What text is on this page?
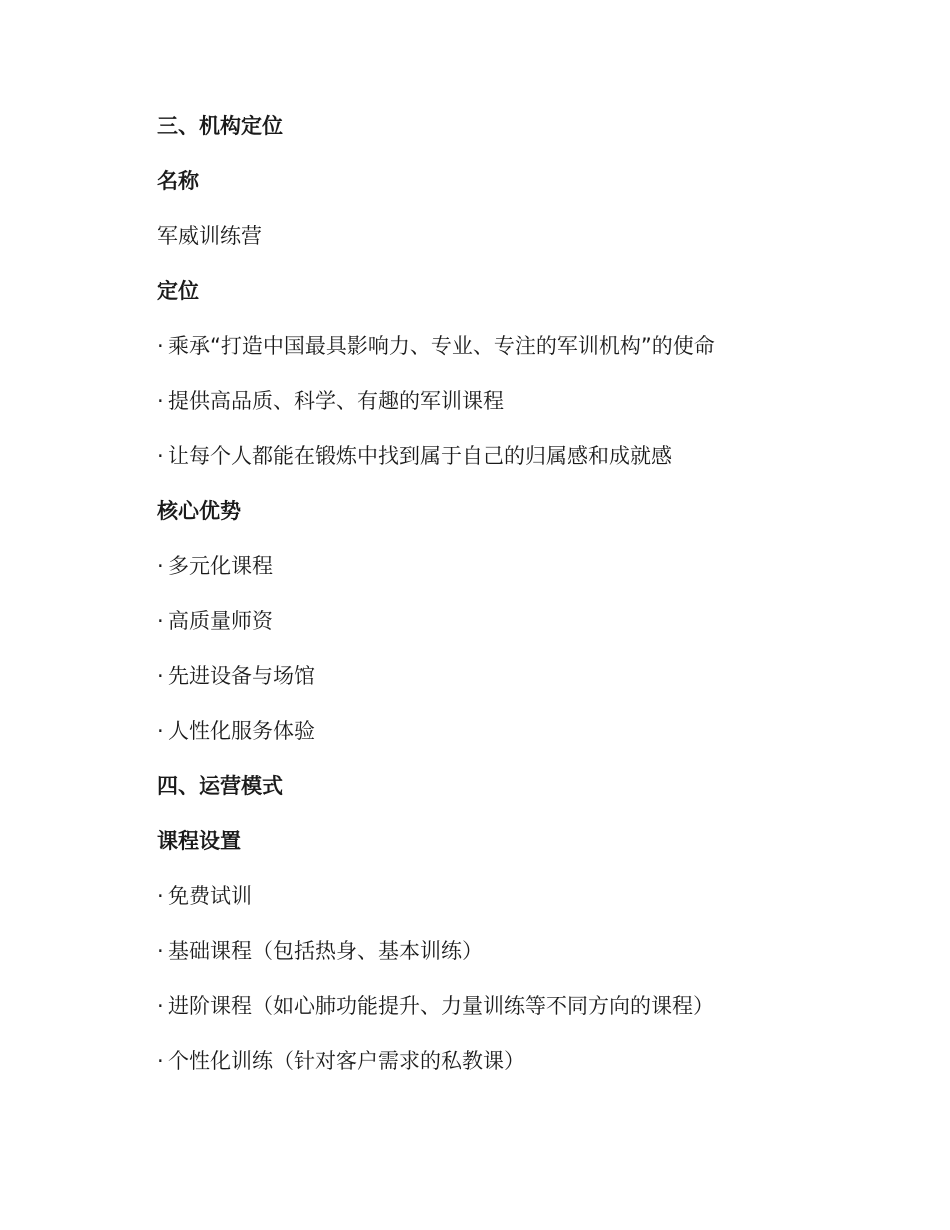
三、机构定位
名称
军威训练营
定位
· 乘承“打造中国最具影响力、专业、专注的军训机构”的使命
· 提供高品质、科学、有趣的军训课程
· 让每个人都能在锻炼中找到属于自己的归属感和成就感
核心优势
· 多元化课程
· 高质量师资
· 先进设备与场馆
· 人性化服务体验
四、运营模式
课程设置
· 免费试训
· 基础课程（包括热身、基本训练）
· 进阶课程（如心肺功能提升、力量训练等不同方向的课程）
· 个性化训练（针对客户需求的私教课）
